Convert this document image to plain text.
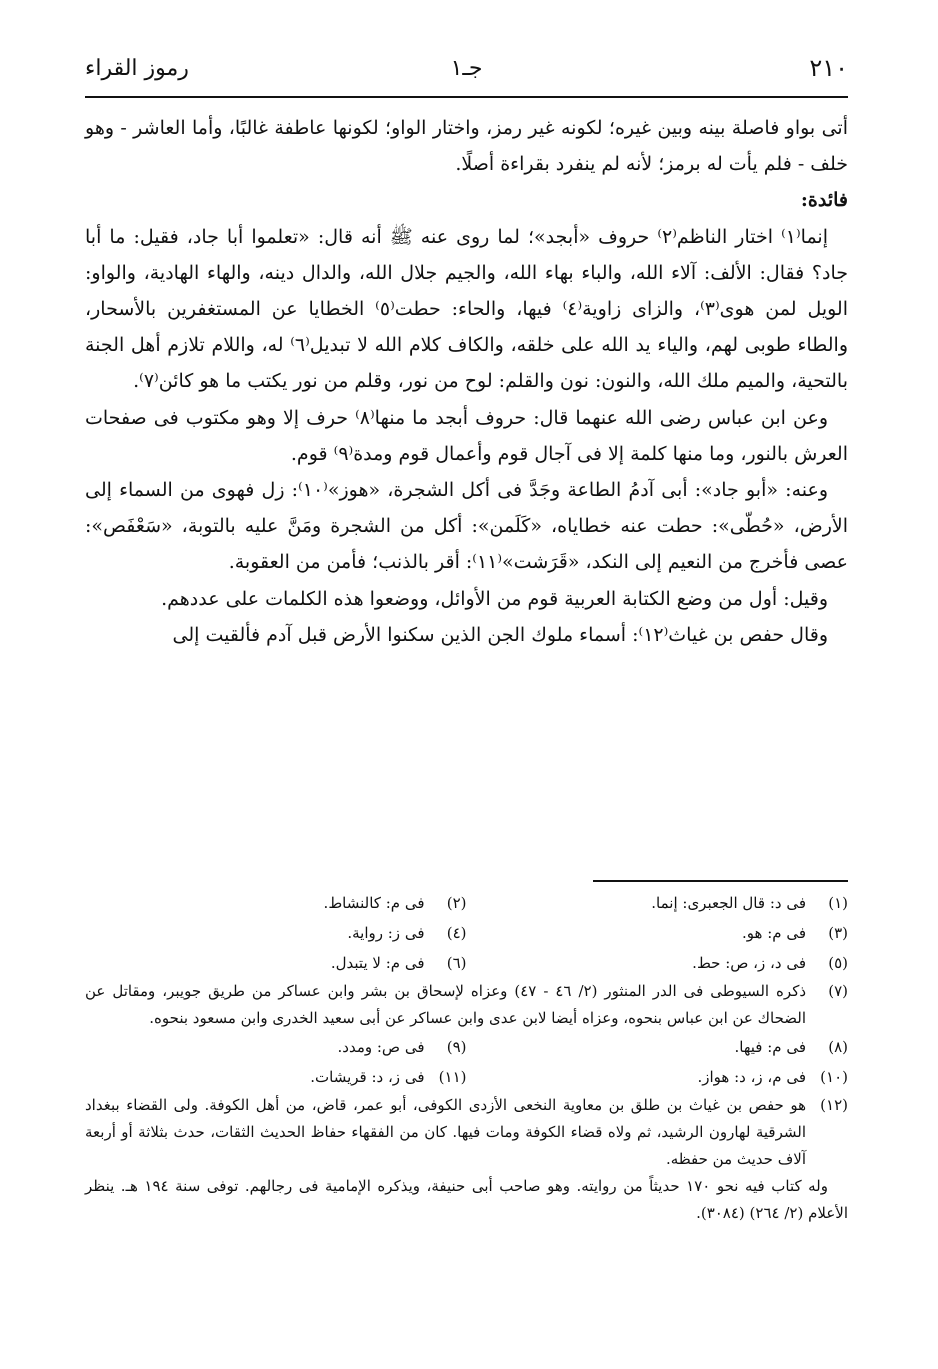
٢١٠
جـ١
رموز القراء

أتى بواو فاصلة بينه وبين غيره؛ لكونه غير رمز، واختار الواو؛ لكونها عاطفة غالبًا، وأما العاشر - وهو خلف - فلم يأت له برمز؛ لأنه لم ينفرد بقراءة أصلًا.

فائدة:

إنما⁽١⁾ اختار الناظم⁽٢⁾ حروف «أبجد»؛ لما روى عنه ﷺ أنه قال: «تعلموا أبا جاد، فقيل: ما أبا جاد؟ فقال: الألف: آلاء الله، والباء بهاء الله، والجيم جلال الله، والدال دينه، والهاء الهادية، والواو: الويل لمن هوى⁽٣⁾، والزاى زاوية⁽٤⁾ فيها، والحاء: حطت⁽٥⁾ الخطايا عن المستغفرين بالأسحار، والطاء طوبى لهم، والياء يد الله على خلقه، والكاف كلام الله لا تبديل⁽٦⁾ له، واللام تلازم أهل الجنة بالتحية، والميم ملك الله، والنون: نون والقلم: لوح من نور، وقلم من نور يكتب ما هو كائن⁽٧⁾.

وعن ابن عباس رضى الله عنهما قال: حروف أبجد ما منها⁽٨⁾ حرف إلا وهو مكتوب فى صفحات العرش بالنور، وما منها كلمة إلا فى آجال قوم وأعمال قوم ومدة⁽٩⁾ قوم.

وعنه: «أبو جاد»: أبى آدمُ الطاعة وجَدَّ فى أكل الشجرة، «هوز»⁽١٠⁾: زل فهوى من السماء إلى الأرض، «حُطّى»: حطت عنه خطاياه، «كَلَمن»: أكل من الشجرة ومَنَّ عليه بالتوبة، «سَعْفَص»: عصى فأخرج من النعيم إلى النكد، «قَرَشت»⁽١١⁾: أقر بالذنب؛ فأمن من العقوبة.

وقيل: أول من وضع الكتابة العربية قوم من الأوائل، ووضعوا هذه الكلمات على عددهم.

وقال حفص بن غياث⁽١٢⁾: أسماء ملوك الجن الذين سكنوا الأرض قبل آدم فألقيت إلى

(١)
فى د: قال الجعبرى: إنما.
(٢)
فى م: كالنشاط.
(٣)
فى م: هو.
(٤)
فى ز: رواية.
(٥)
فى د، ز، ص: حط.
(٦)
فى م: لا يتبدل.
(٧)
ذكره السيوطى فى الدر المنثور (٢/ ٤٦ - ٤٧) وعزاه لإسحاق بن بشر وابن عساكر من طريق جويبر، ومقاتل عن الضحاك عن ابن عباس بنحوه، وعزاه أيضا لابن عدى وابن عساكر عن أبى سعيد الخدرى وابن مسعود بنحوه.
(٨)
فى م: فيها.
(٩)
فى ص: ومدد.
(١٠)
فى م، ز، د: هواز.
(١١)
فى ز، د: قريشات.
(١٢)
هو حفص بن غياث بن طلق بن معاوية النخعى الأزدى الكوفى، أبو عمر، قاض، من أهل الكوفة. ولى القضاء ببغداد الشرقية لهارون الرشيد، ثم ولاه قضاء الكوفة ومات فيها. كان من الفقهاء حفاظ الحديث الثقات، حدث بثلاثة أو أربعة آلاف حديث من حفظه.
وله كتاب فيه نحو ١٧٠ حديثاً من روايته. وهو صاحب أبى حنيفة، ويذكره الإمامية فى رجالهم. توفى سنة ١٩٤ هـ. ينظر الأعلام (٢/ ٢٦٤) (٣٠٨٤).
